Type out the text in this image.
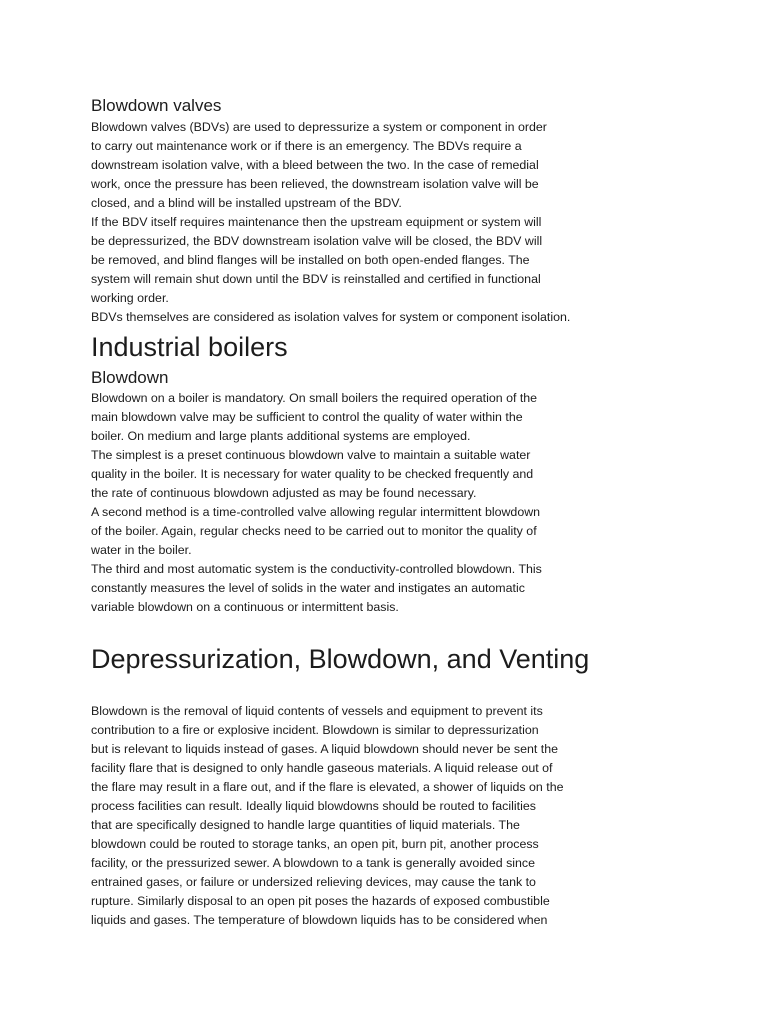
Blowdown valves
Blowdown valves (BDVs) are used to depressurize a system or component in order
to carry out maintenance work or if there is an emergency. The BDVs require a
downstream isolation valve, with a bleed between the two. In the case of remedial
work, once the pressure has been relieved, the downstream isolation valve will be
closed, and a blind will be installed upstream of the BDV.
If the BDV itself requires maintenance then the upstream equipment or system will
be depressurized, the BDV downstream isolation valve will be closed, the BDV will
be removed, and blind flanges will be installed on both open-ended flanges. The
system will remain shut down until the BDV is reinstalled and certified in functional
working order.
BDVs themselves are considered as isolation valves for system or component isolation.
Industrial boilers
Blowdown
Blowdown on a boiler is mandatory. On small boilers the required operation of the
main blowdown valve may be sufficient to control the quality of water within the
boiler. On medium and large plants additional systems are employed.
The simplest is a preset continuous blowdown valve to maintain a suitable water
quality in the boiler. It is necessary for water quality to be checked frequently and
the rate of continuous blowdown adjusted as may be found necessary.
A second method is a time-controlled valve allowing regular intermittent blowdown
of the boiler. Again, regular checks need to be carried out to monitor the quality of
water in the boiler.
The third and most automatic system is the conductivity-controlled blowdown. This
constantly measures the level of solids in the water and instigates an automatic
variable blowdown on a continuous or intermittent basis.
Depressurization, Blowdown, and Venting
Blowdown is the removal of liquid contents of vessels and equipment to prevent its
contribution to a fire or explosive incident. Blowdown is similar to depressurization
but is relevant to liquids instead of gases. A liquid blowdown should never be sent the
facility flare that is designed to only handle gaseous materials. A liquid release out of
the flare may result in a flare out, and if the flare is elevated, a shower of liquids on the
process facilities can result. Ideally liquid blowdowns should be routed to facilities
that are specifically designed to handle large quantities of liquid materials. The
blowdown could be routed to storage tanks, an open pit, burn pit, another process
facility, or the pressurized sewer. A blowdown to a tank is generally avoided since
entrained gases, or failure or undersized relieving devices, may cause the tank to
rupture. Similarly disposal to an open pit poses the hazards of exposed combustible
liquids and gases. The temperature of blowdown liquids has to be considered when
